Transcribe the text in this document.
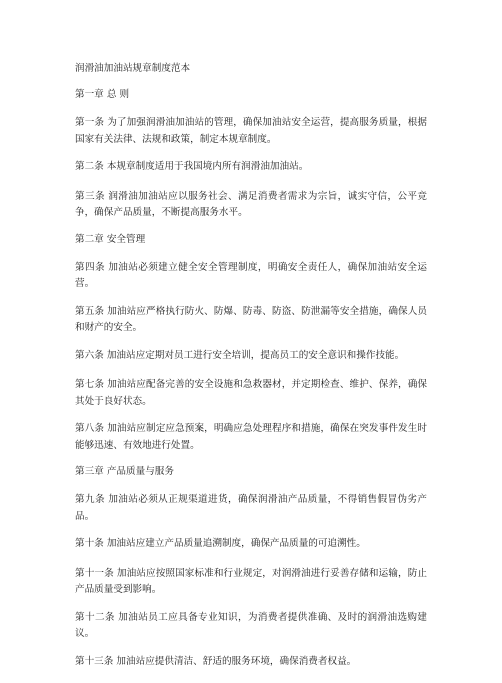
润滑油加油站规章制度范本
第一章 总 则
第一条 为了加强润滑油加油站的管理，确保加油站安全运营，提高服务质量，根据国家有关法律、法规和政策，制定本规章制度。
第二条 本规章制度适用于我国境内所有润滑油加油站。
第三条 润滑油加油站应以服务社会、满足消费者需求为宗旨，诚实守信，公平竞争，确保产品质量，不断提高服务水平。
第二章 安全管理
第四条 加油站必须建立健全安全管理制度，明确安全责任人，确保加油站安全运营。
第五条 加油站应严格执行防火、防爆、防毒、防盗、防泄漏等安全措施，确保人员和财产的安全。
第六条 加油站应定期对员工进行安全培训，提高员工的安全意识和操作技能。
第七条 加油站应配备完善的安全设施和急救器材，并定期检查、维护、保养，确保其处于良好状态。
第八条 加油站应制定应急预案，明确应急处理程序和措施，确保在突发事件发生时能够迅速、有效地进行处置。
第三章 产品质量与服务
第九条 加油站必须从正规渠道进货，确保润滑油产品质量，不得销售假冒伪劣产品。
第十条 加油站应建立产品质量追溯制度，确保产品质量的可追溯性。
第十一条 加油站应按照国家标准和行业规定，对润滑油进行妥善存储和运输，防止产品质量受到影响。
第十二条 加油站员工应具备专业知识，为消费者提供准确、及时的润滑油选购建议。
第十三条 加油站应提供清洁、舒适的服务环境，确保消费者权益。
